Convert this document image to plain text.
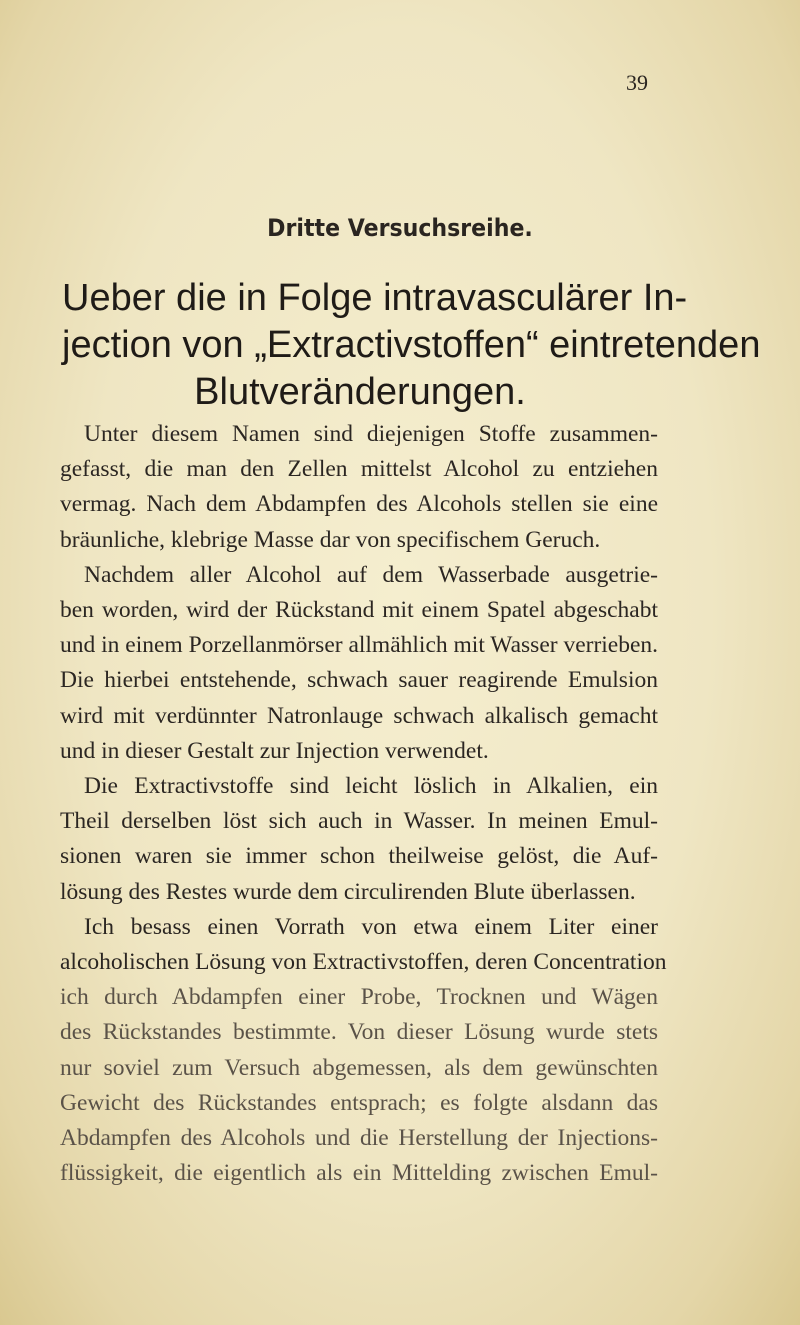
39
Dritte Versuchsreihe.
Ueber die in Folge intravasculärer In-
jection von „Extractivstoffen“ eintretenden
Blutveränderungen.
Unter diesem Namen sind diejenigen Stoffe zusammen-
gefasst, die man den Zellen mittelst Alcohol zu entziehen
vermag. Nach dem Abdampfen des Alcohols stellen sie eine
bräunliche, klebrige Masse dar von specifischem Geruch.
Nachdem aller Alcohol auf dem Wasserbade ausgetrie-
ben worden, wird der Rückstand mit einem Spatel abgeschabt
und in einem Porzellanmörser allmählich mit Wasser verrieben.
Die hierbei entstehende, schwach sauer reagirende Emulsion
wird mit verdünnter Natronlauge schwach alkalisch gemacht
und in dieser Gestalt zur Injection verwendet.
Die Extractivstoffe sind leicht löslich in Alkalien, ein
Theil derselben löst sich auch in Wasser. In meinen Emul-
sionen waren sie immer schon theilweise gelöst, die Auf-
lösung des Restes wurde dem circulirenden Blute überlassen.
Ich besass einen Vorrath von etwa einem Liter einer
alcoholischen Lösung von Extractivstoffen, deren Concentration
ich durch Abdampfen einer Probe, Trocknen und Wägen
des Rückstandes bestimmte. Von dieser Lösung wurde stets
nur soviel zum Versuch abgemessen, als dem gewünschten
Gewicht des Rückstandes entsprach; es folgte alsdann das
Abdampfen des Alcohols und die Herstellung der Injections-
flüssigkeit, die eigentlich als ein Mittelding zwischen Emul-
